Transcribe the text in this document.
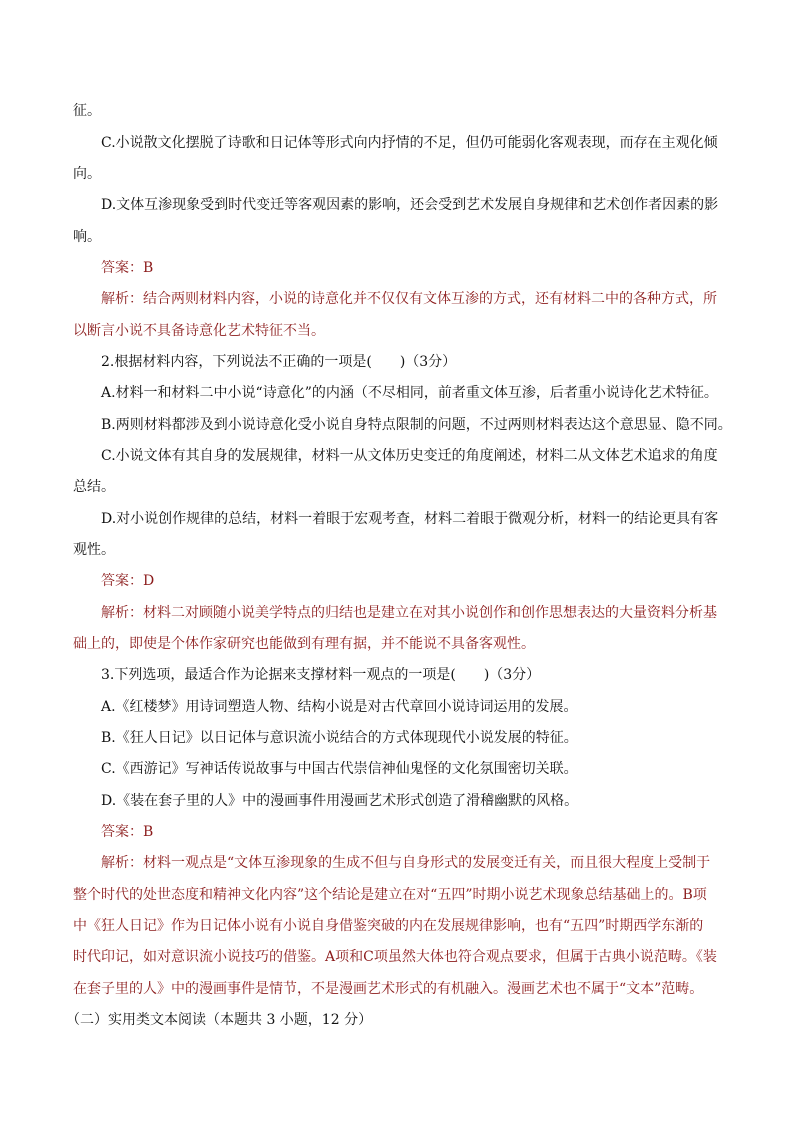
征。
C.小说散文化摆脱了诗歌和日记体等形式向内抒情的不足，但仍可能弱化客观表现，而存在主观化倾
向。
D.文体互渗现象受到时代变迁等客观因素的影响，还会受到艺术发展自身规律和艺术创作者因素的影
响。
答案：B
解析：结合两则材料内容，小说的诗意化并不仅仅有文体互渗的方式，还有材料二中的各种方式，所
以断言小说不具备诗意化艺术特征不当。
2.根据材料内容，下列说法不正确的一项是(　　)（3分）
A.材料一和材料二中小说“诗意化”的内涵（不尽相同，前者重文体互渗，后者重小说诗化艺术特征。
B.两则材料都涉及到小说诗意化受小说自身特点限制的问题，不过两则材料表达这个意思显、隐不同。
C.小说文体有其自身的发展规律，材料一从文体历史变迁的角度阐述，材料二从文体艺术追求的角度
总结。
D.对小说创作规律的总结，材料一着眼于宏观考查，材料二着眼于微观分析，材料一的结论更具有客
观性。
答案：D
解析：材料二对顾随小说美学特点的归结也是建立在对其小说创作和创作思想表达的大量资料分析基
础上的，即使是个体作家研究也能做到有理有据，并不能说不具备客观性。
3.下列选项，最适合作为论据来支撑材料一观点的一项是(　　)（3分）
A.《红楼梦》用诗词塑造人物、结构小说是对古代章回小说诗词运用的发展。
B.《狂人日记》以日记体与意识流小说结合的方式体现现代小说发展的特征。
C.《西游记》写神话传说故事与中国古代崇信神仙鬼怪的文化氛围密切关联。
D.《装在套子里的人》中的漫画事件用漫画艺术形式创造了滑稽幽默的风格。
答案：B
解析：材料一观点是“文体互渗现象的生成不但与自身形式的发展变迁有关，而且很大程度上受制于
整个时代的处世态度和精神文化内容”这个结论是建立在对“五四”时期小说艺术现象总结基础上的。B项
中《狂人日记》作为日记体小说有小说自身借鉴突破的内在发展规律影响，也有“五四”时期西学东渐的
时代印记，如对意识流小说技巧的借鉴。A项和C项虽然大体也符合观点要求，但属于古典小说范畴。《装
在套子里的人》中的漫画事件是情节，不是漫画艺术形式的有机融入。漫画艺术也不属于“文本”范畴。
（二）实用类文本阅读（本题共 3 小题，12 分）
